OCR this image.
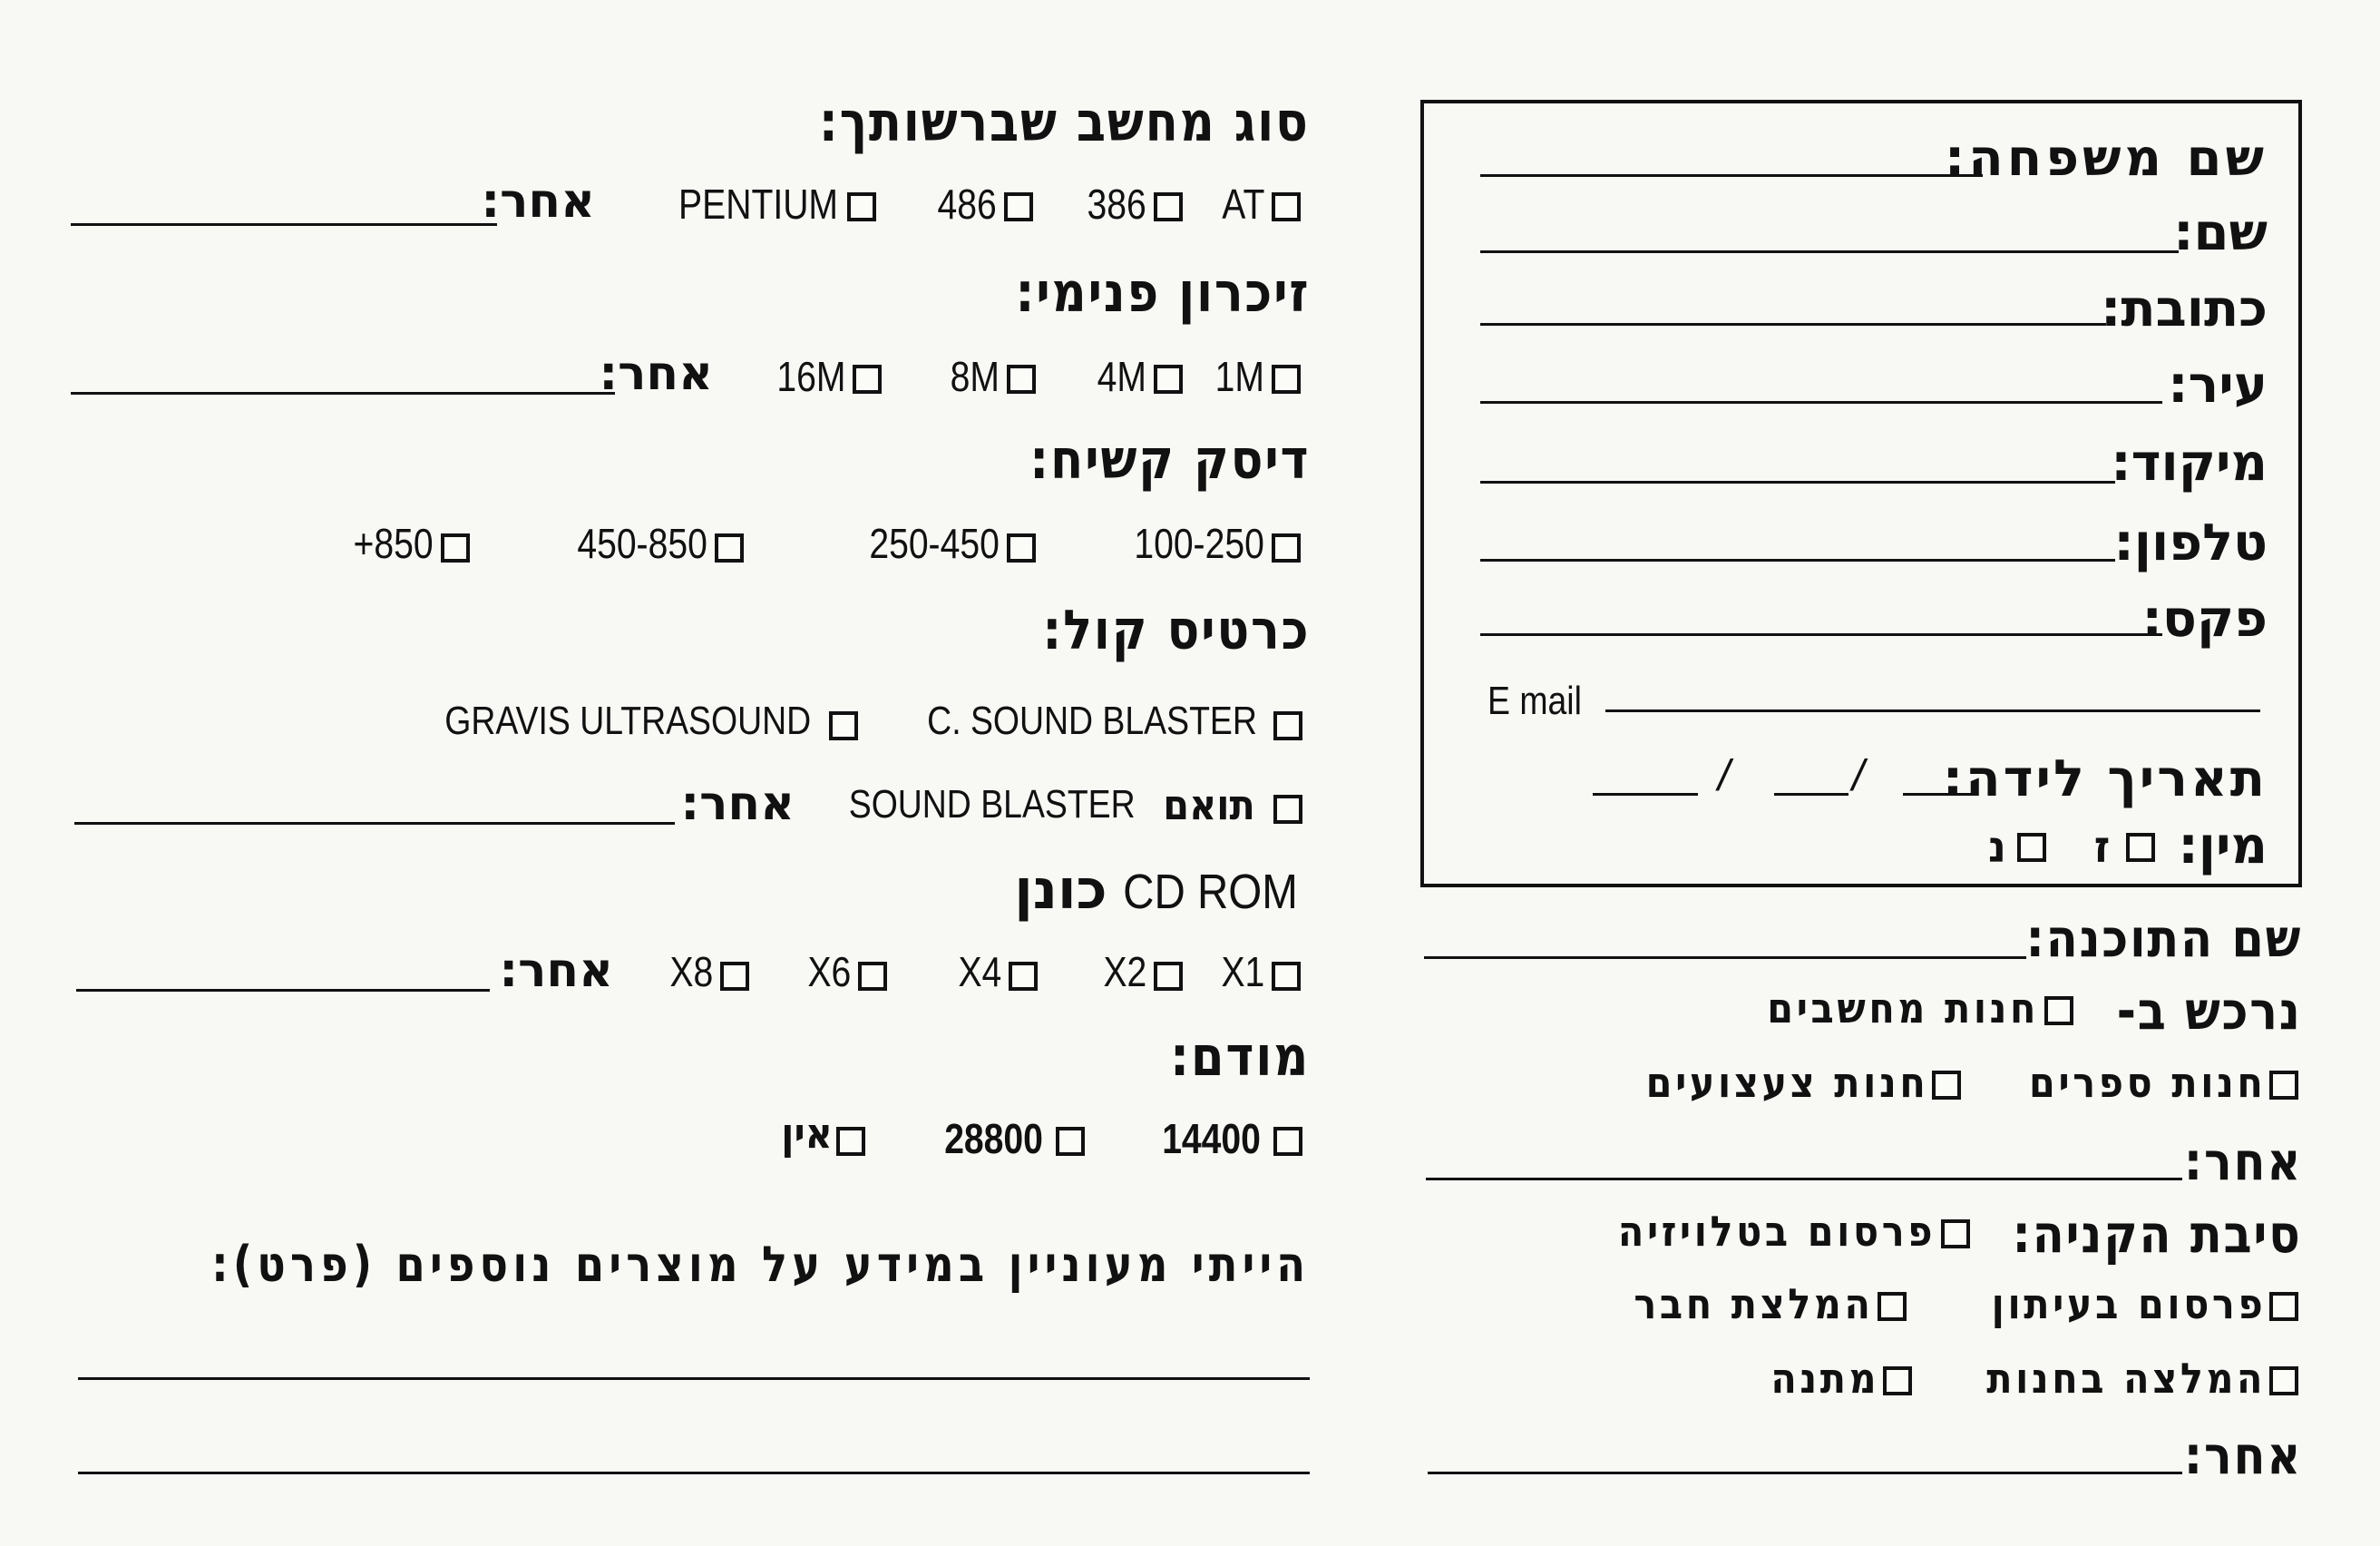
סוג מחשב שברשותך:
AT
386
486
PENTIUM
אחר:
זיכרון פנימי:
1M
4M
8M
16M
אחר:
דיסק קשיח:
100-250
250-450
450-850
+850
כרטיס קול:
C. SOUND BLASTER
GRAVIS ULTRASOUND
תואם
SOUND BLASTER
אחר:
כונן CD ROM
X1
X2
X4
X6
X8
אחר:
מודם:
14400
28800
אין
הייתי מעוניין במידע על מוצרים נוספים (פרט):
שם משפחה:
שם:
כתובת:
עיר:
מיקוד:
טלפון:
פקס:
E mail
תאריך לידה:
/
/
מין:
ז
נ
שם התוכנה:
נרכש ב-
חנות מחשבים
חנות ספרים
חנות צעצועים
אחר:
סיבת הקניה:
פרסום בטלויזיה
פרסום בעיתון
המלצת חבר
המלצה בחנות
מתנה
אחר:
